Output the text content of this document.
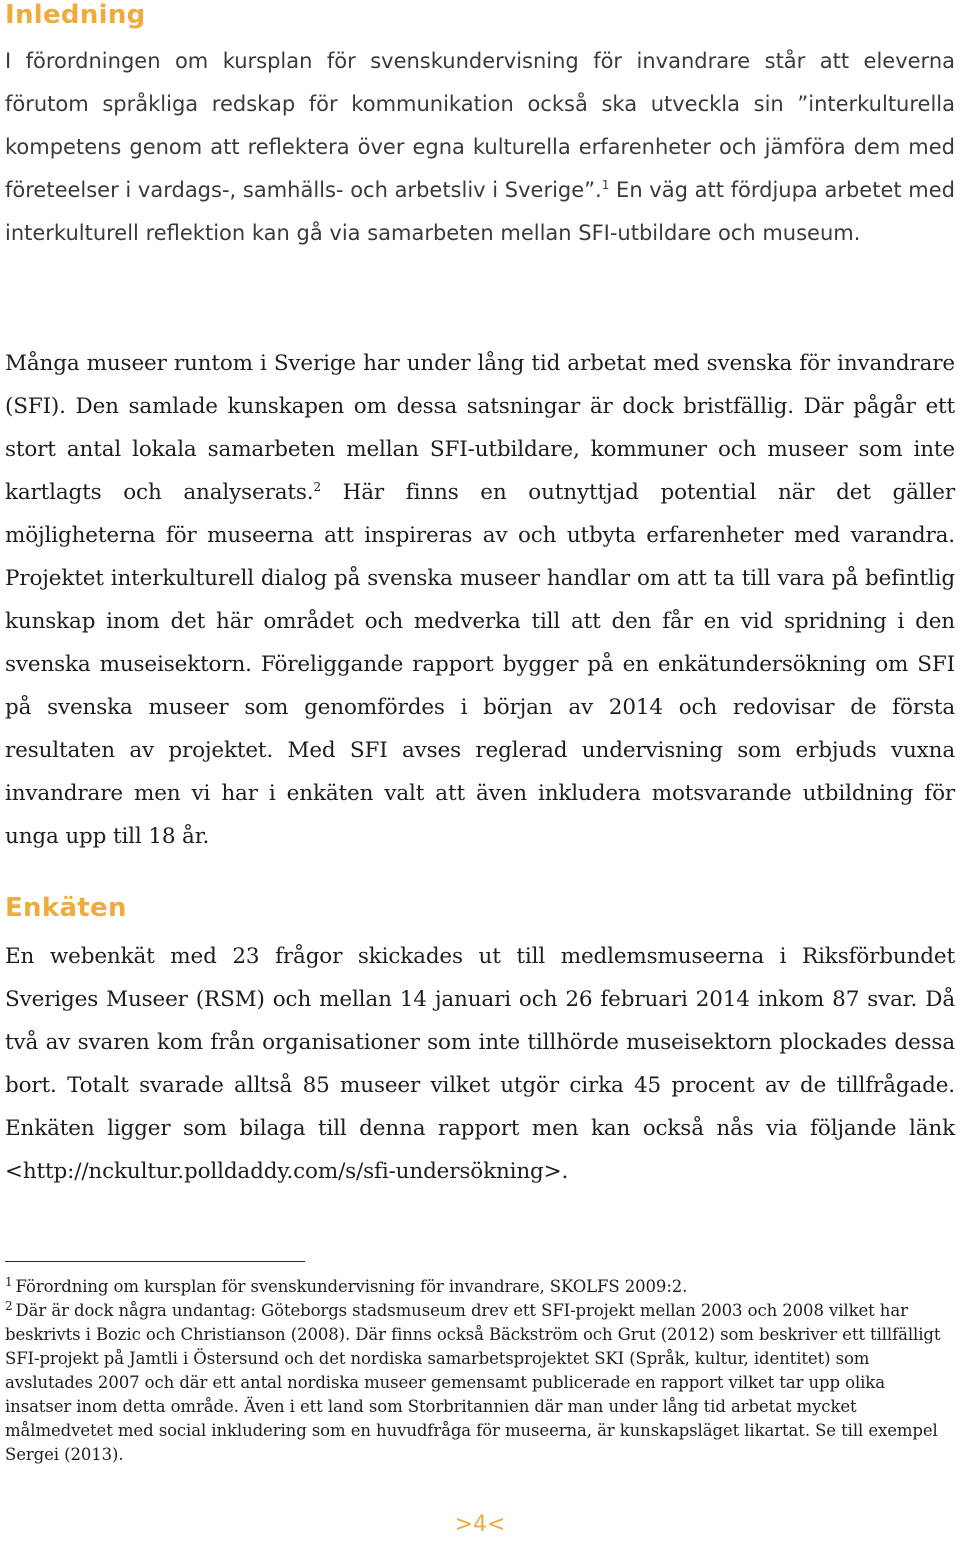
Inledning

I förordningen om kursplan för svenskundervisning för invandrare står att eleverna förutom språkliga redskap för kommunikation också ska utveckla sin ”interkulturella kompetens genom att reflektera över egna kulturella erfarenheter och jämföra dem med företeelser i vardags-, samhälls- och arbetsliv i Sverige”.$^1$ En väg att fördjupa arbetet med interkulturell reflektion kan gå via samarbeten mellan SFI-utbildare och museum.

Många museer runtom i Sverige har under lång tid arbetat med svenska för invandrare (SFI). Den samlade kunskapen om dessa satsningar är dock bristfällig. Där pågår ett stort antal lokala samarbeten mellan SFI-utbildare, kommuner och museer som inte kartlagts och analyserats.$^2$ Här finns en outnyttjad potential när det gäller möjligheterna för museerna att inspireras av och utbyta erfarenheter med varandra. Projektet interkulturell dialog på svenska museer handlar om att ta till vara på befintlig kunskap inom det här området och medverka till att den får en vid spridning i den svenska museisektorn. Föreliggande rapport bygger på en enkätundersökning om SFI på svenska museer som genomfördes i början av 2014 och redovisar de första resultaten av projektet. Med SFI avses reglerad undervisning som erbjuds vuxna invandrare men vi har i enkäten valt att även inkludera motsvarande utbildning för unga upp till 18 år.

Enkäten

En webenkät med 23 frågor skickades ut till medlemsmuseerna i Riksförbundet Sveriges Museer (RSM) och mellan 14 januari och 26 februari 2014 inkom 87 svar. Då två av svaren kom från organisationer som inte tillhörde museisektorn plockades dessa bort. Totalt svarade alltså 85 museer vilket utgör cirka 45 procent av de tillfrågade. Enkäten ligger som bilaga till denna rapport men kan också nås via följande länk <http://nckultur.polldaddy.com/s/sfi-undersökning>.

$^1$ Förordning om kursplan för svenskundervisning för invandrare, SKOLFS 2009:2.

$^2$ Där är dock några undantag: Göteborgs stadsmuseum drev ett SFI-projekt mellan 2003 och 2008 vilket har beskrivts i Bozic och Christianson (2008). Där finns också Bäckström och Grut (2012) som beskriver ett tillfälligt SFI-projekt på Jamtli i Östersund och det nordiska samarbetsprojektet SKI (Språk, kultur, identitet) som avslutades 2007 och där ett antal nordiska museer gemensamt publicerade en rapport vilket tar upp olika insatser inom detta område. Även i ett land som Storbritannien där man under lång tid arbetat mycket målmedvetet med social inkludering som en huvudfråga för museerna, är kunskapsläget likartat. Se till exempel Sergei (2013).

>4<
